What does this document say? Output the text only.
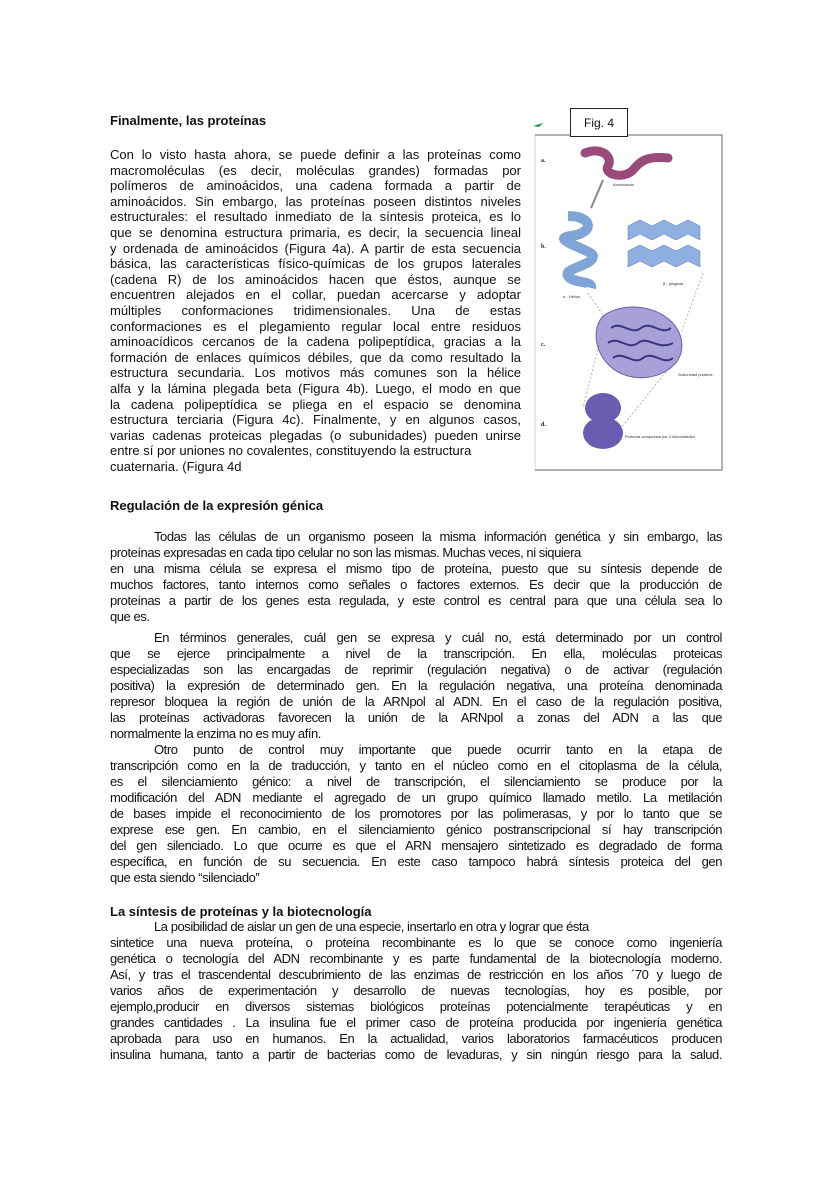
Finalmente, las proteínas
Con lo visto hasta ahora, se puede definir a las proteínas como
macromoléculas (es decir, moléculas grandes) formadas por
polímeros de aminoácidos, una cadena formada a partir de
aminoácidos. Sin embargo, las proteínas poseen distintos niveles
estructurales: el resultado inmediato de la síntesis proteica, es lo
que se denomina estructura primaria, es decir, la secuencia lineal
y ordenada de aminoácidos (Figura 4a). A partir de esta secuencia
básica, las características físico-químicas de los grupos laterales
(cadena R) de los aminoácidos hacen que éstos, aunque se
encuentren alejados en el collar, puedan acercarse y adoptar
múltiples conformaciones tridimensionales. Una de estas
conformaciones es el plegamiento regular local entre residuos
aminoacídicos cercanos de la cadena polipeptídica, gracias a la
formación de enlaces químicos débiles, que da como resultado la
estructura secundaria. Los motivos más comunes son la hélice
alfa y la lámina plegada beta (Figura 4b). Luego, el modo en que
la cadena polipeptídica se pliega en el espacio se denomina
estructura terciaria (Figura 4c). Finalmente, y en algunos casos,
varias cadenas proteicas plegadas (o subunidades) pueden unirse
entre sí por uniones no covalentes, constituyendo la estructura
cuaternaria. (Figura 4d
a.
b.
c.
d.
Aminoácido
α - Hélice
β - plegada
Subunidad proteica
Proteína compuesta por 4 subunidades
Fig. 4
Regulación de la expresión génica
Todas las células de un organismo poseen la misma información genética y sin embargo, las
proteínas expresadas en cada tipo celular no son las mismas. Muchas veces, ni siquiera
en una misma célula se expresa el mismo tipo de proteína, puesto que su síntesis depende de
muchos factores, tanto internos como señales o factores externos. Es decir que la producción de
proteínas a partir de los genes esta regulada, y este control es central para que una célula sea lo
que es.
En términos generales, cuál gen se expresa y cuál no, está determinado por un control
que se ejerce principalmente a nivel de la transcripción. En ella, moléculas proteicas
especializadas son las encargadas de reprimir (regulación negativa) o de activar (regulación
positiva) la expresión de determinado gen. En la regulación negativa, una proteína denominada
represor bloquea la región de unión de la ARNpol al ADN. En el caso de la regulación positiva,
las proteínas activadoras favorecen la unión de la ARNpol a zonas del ADN a las que
normalmente la enzima no es muy afín.
Otro punto de control muy importante que puede ocurrir tanto en la etapa de
transcripción como en la de traducción, y tanto en el núcleo como en el citoplasma de la célula,
es el silenciamiento génico: a nivel de transcripción, el silenciamiento se produce por la
modificación del ADN mediante el agregado de un grupo químico llamado metilo. La metilación
de bases impide el reconocimiento de los promotores por las polimerasas, y por lo tanto que se
exprese ese gen. En cambio, en el silenciamiento génico postranscripcional sí hay transcripción
del gen silenciado. Lo que ocurre es que el ARN mensajero sintetizado es degradado de forma
específica, en función de su secuencia. En este caso tampoco habrá síntesis proteica del gen
que esta siendo “silenciado”
La síntesis de proteínas y la biotecnología
La posibilidad de aislar un gen de una especie, insertarlo en otra y lograr que ésta
sintetice una nueva proteína, o proteína recombinante es lo que se conoce como ingeniería
genética o tecnología del ADN recombinante y es parte fundamental de la biotecnología moderno.
Así, y tras el trascendental descubrimiento de las enzimas de restricción en los años ´70 y luego de
varios años de experimentación y desarrollo de nuevas tecnologías, hoy es posible, por
ejemplo,producir en diversos sistemas biológicos proteínas potencialmente terapéuticas y en
grandes cantidades . La insulina fue el primer caso de proteína producida por ingeniería genética
aprobada para uso en humanos. En la actualidad, varios laboratorios farmacéuticos producen
insulina humana, tanto a partir de bacterias como de levaduras, y sin ningún riesgo para la salud.
